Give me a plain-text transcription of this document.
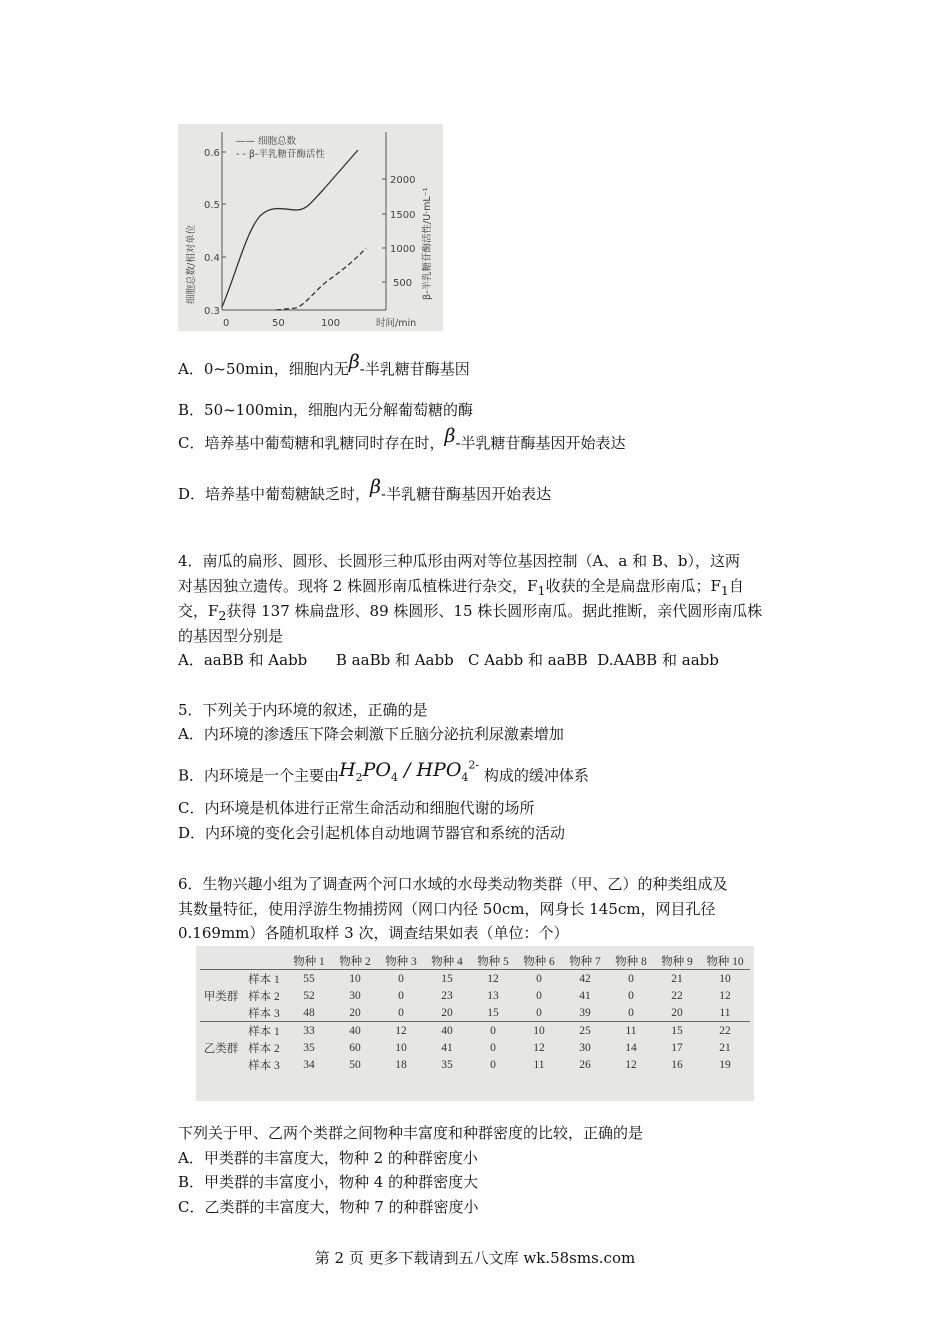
0.6
0.5
0.4
0.3
2000
1500
1000
500
0	50	100	时间/min
细胞总数/相对单位	β-半乳糖苷酶活性/U·mL⁻¹
—— 细胞总数
- - β-半乳糖苷酶活性
A．0~50min，细胞内无β-半乳糖苷酶基因
B．50~100min，细胞内无分解葡萄糖的酶
C．培养基中葡萄糖和乳糖同时存在时，β-半乳糖苷酶基因开始表达
D．培养基中葡萄糖缺乏时，β-半乳糖苷酶基因开始表达
4．南瓜的扁形、圆形、长圆形三种瓜形由两对等位基因控制（A、a 和 B、b），这两
对基因独立遗传。现将 2 株圆形南瓜植株进行杂交，$F_1$收获的全是扁盘形南瓜；$F_1$自
交，$F_2$获得 137 株扁盘形、89 株圆形、15 株长圆形南瓜。据此推断，亲代圆形南瓜株
的基因型分别是
A．aaBB 和 Aabb      B aaBb 和 Aabb   C Aabb 和 aaBB  D.AABB 和 aabb
5．下列关于内环境的叙述，正确的是
A．内环境的渗透压下降会刺激下丘脑分泌抗利尿激素增加
B．内环境是一个主要由$H_2PO_4 / HPO_4^{2-}$ 构成的缓冲体系
C．内环境是机体进行正常生命活动和细胞代谢的场所
D．内环境的变化会引起机体自动地调节器官和系统的活动
6．生物兴趣小组为了调查两个河口水域的水母类动物类群（甲、乙）的种类组成及
其数量特征，使用浮游生物捕捞网（网口内径 50cm，网身长 145cm，网目孔径
0.169mm）各随机取样 3 次，调查结果如表（单位：个）
		物种 1	物种 2	物种 3	物种 4	物种 5	物种 6	物种 7	物种 8	物种 9	物种 10
甲类群	样本 1	55	10	0	15	12	0	42	0	21	10
	样本 2	52	30	0	23	13	0	41	0	22	12
	样本 3	48	20	0	20	15	0	39	0	20	11
乙类群	样本 1	33	40	12	40	0	10	25	11	15	22
	样本 2	35	60	10	41	0	12	30	14	17	21
	样本 3	34	50	18	35	0	11	26	12	16	19
下列关于甲、乙两个类群之间物种丰富度和种群密度的比较，正确的是
A．甲类群的丰富度大，物种 2 的种群密度小
B．甲类群的丰富度小，物种 4 的种群密度大
C．乙类群的丰富度大，物种 7 的种群密度小
第 2 页 更多下载请到五八文库 wk.58sms.com
